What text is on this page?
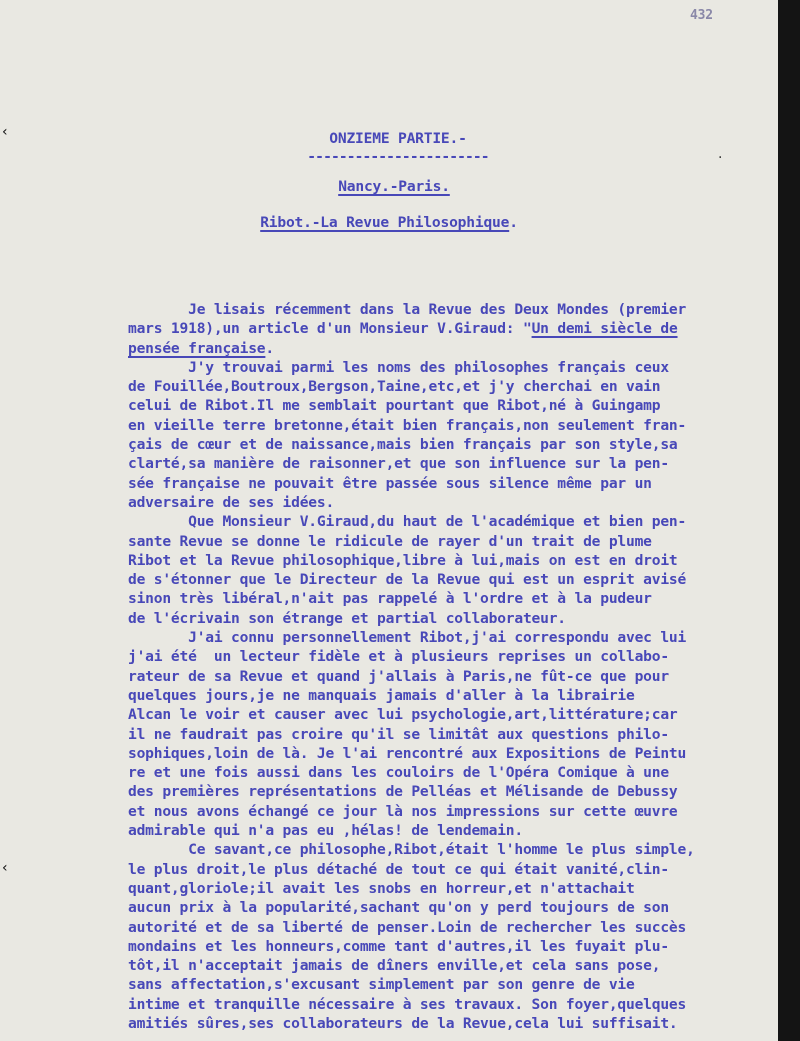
432
ONZIEME PARTIE.-
-----------------------
Nancy.-Paris.
Ribot.-La Revue Philosophique.
Je lisais récemment dans la Revue des Deux Mondes (premier
mars 1918),un article d'un Monsieur V.Giraud: "Un demi siècle de
pensée française.
J'y trouvai parmi les noms des philosophes français ceux
de Fouillée,Boutroux,Bergson,Taine,etc,et j'y cherchai en vain
celui de Ribot.Il me semblait pourtant que Ribot,né à Guingamp
en vieille terre bretonne,était bien français,non seulement fran-
çais de cœur et de naissance,mais bien français par son style,sa
clarté,sa manière de raisonner,et que son influence sur la pen-
sée française ne pouvait être passée sous silence même par un
adversaire de ses idées.
Que Monsieur V.Giraud,du haut de l'académique et bien pen-
sante Revue se donne le ridicule de rayer d'un trait de plume
Ribot et la Revue philosophique,libre à lui,mais on est en droit
de s'étonner que le Directeur de la Revue qui est un esprit avisé
sinon très libéral,n'ait pas rappelé à l'ordre et à la pudeur
de l'écrivain son étrange et partial collaborateur.
J'ai connu personnellement Ribot,j'ai correspondu avec lui
j'ai été  un lecteur fidèle et à plusieurs reprises un collabo-
rateur de sa Revue et quand j'allais à Paris,ne fût-ce que pour
quelques jours,je ne manquais jamais d'aller à la librairie
Alcan le voir et causer avec lui psychologie,art,littérature;car
il ne faudrait pas croire qu'il se limitât aux questions philo-
sophiques,loin de là. Je l'ai rencontré aux Expositions de Peintu
re et une fois aussi dans les couloirs de l'Opéra Comique à une
des premières représentations de Pelléas et Mélisande de Debussy
et nous avons échangé ce jour là nos impressions sur cette œuvre
admirable qui n'a pas eu ,hélas! de lendemain.
Ce savant,ce philosophe,Ribot,était l'homme le plus simple,
le plus droit,le plus détaché de tout ce qui était vanité,clin-
quant,gloriole;il avait les snobs en horreur,et n'attachait
aucun prix à la popularité,sachant qu'on y perd toujours de son
autorité et de sa liberté de penser.Loin de rechercher les succès
mondains et les honneurs,comme tant d'autres,il les fuyait plu-
tôt,il n'acceptait jamais de dîners enville,et cela sans pose,
sans affectation,s'excusant simplement par son genre de vie
intime et tranquille nécessaire à ses travaux. Son foyer,quelques
amitiés sûres,ses collaborateurs de la Revue,cela lui suffisait.
‹
‹
·
